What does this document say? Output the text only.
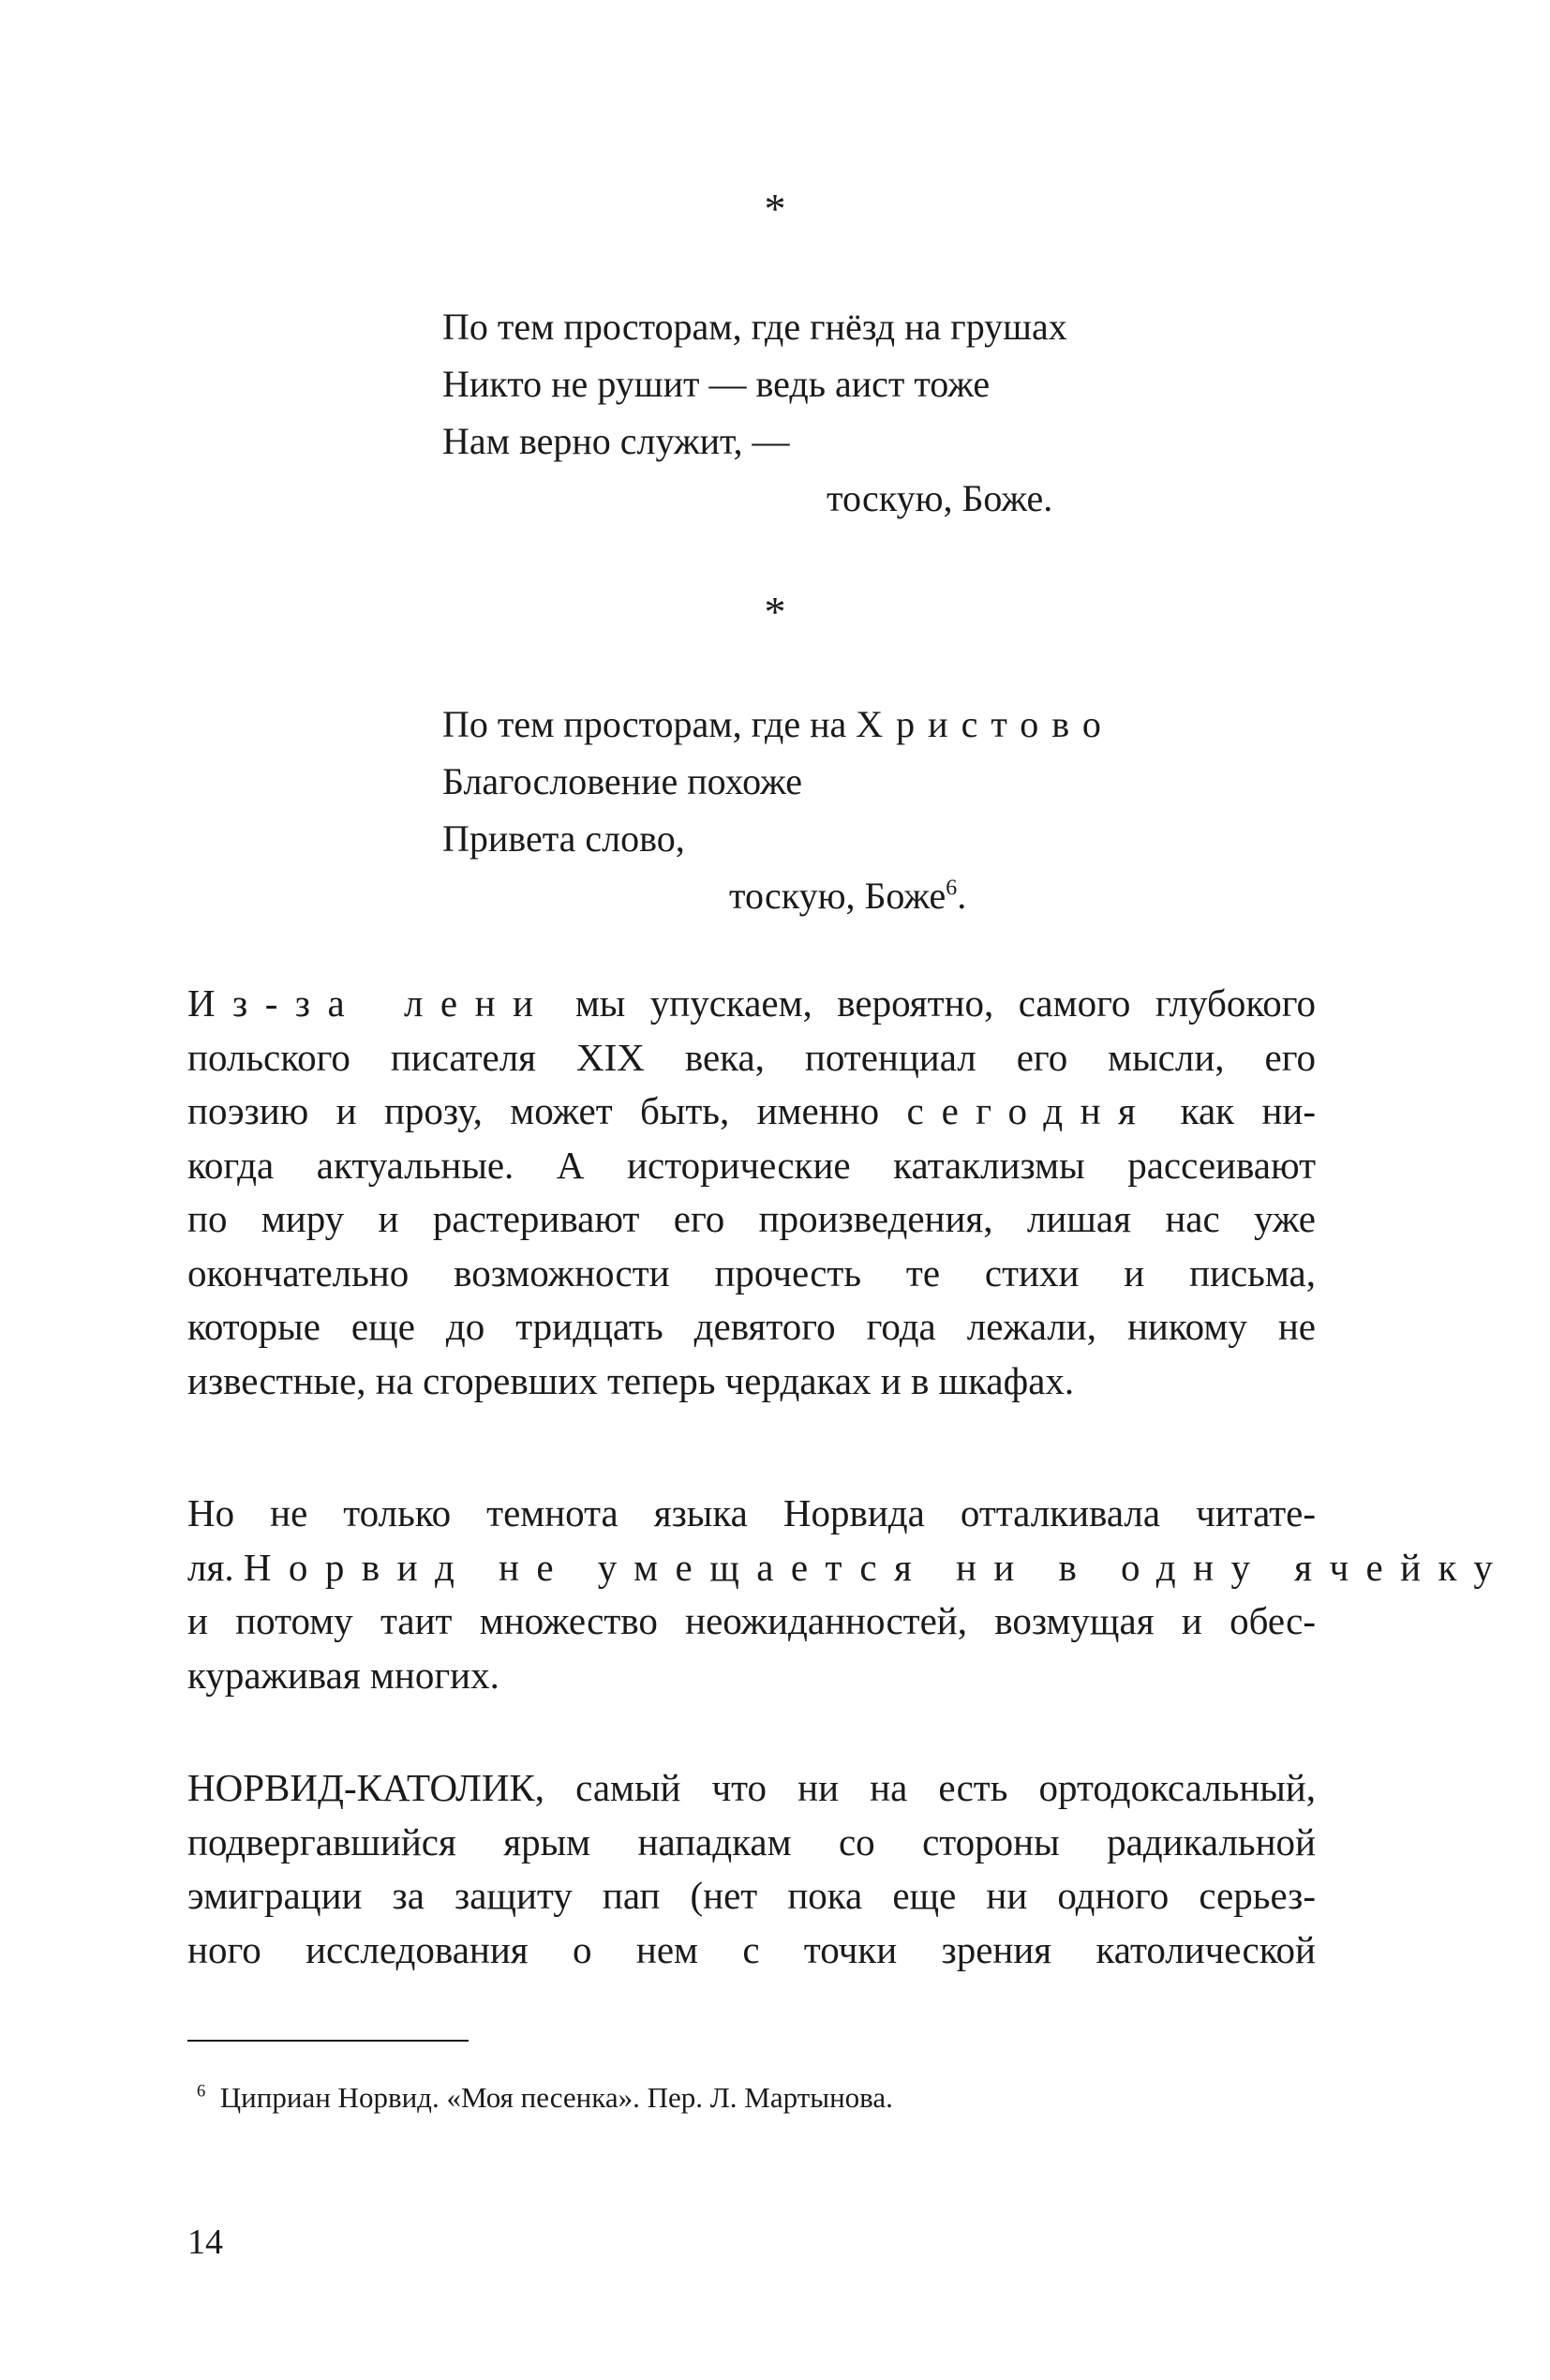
*
По тем просторам, где гнёзд на грушах
Никто не рушит — ведь аист тоже
Нам верно служит, —
тоскую, Боже.
*
По тем просторам, где на Христово
Благословение похоже
Привета слово,
тоскую, Боже$^6$.
Из-за лени мы упускаем, вероятно, самого глубокого
польского писателя XIX века, потенциал его мысли, его
поэзию и прозу, может быть, именно сегодня как ни-
когда актуальные. А исторические катаклизмы рассеивают
по миру и растеривают его произведения, лишая нас уже
окончательно возможности прочесть те стихи и письма,
которые еще до тридцать девятого года лежали, никому не
известные, на сгоревших теперь чердаках и в шкафах.
Но не только темнота языка Норвида отталкивала читате-
ля. Норвид не умещается ни в одну ячейку
и потому таит множество неожиданностей, возмущая и обес-
кураживая многих.
НОРВИД-КАТОЛИК, самый что ни на есть ортодоксальный,
подвергавшийся ярым нападкам со стороны радикальной
эмиграции за защиту пап (нет пока еще ни одного серьез-
ного исследования о нем с точки зрения католической
$^6$ Циприан Норвид. «Моя песенка». Пер. Л. Мартынова.
14
